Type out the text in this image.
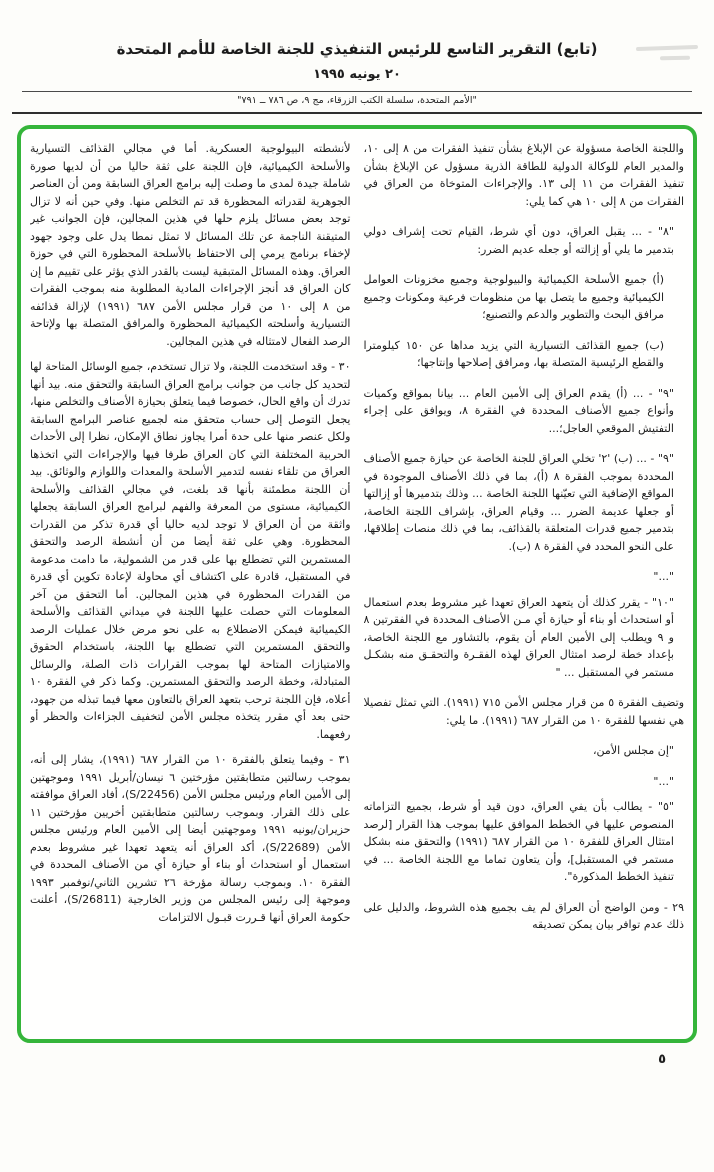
(تابع) التقرير التاسع للرئيس التنفيذي للجنة الخاصة للأمم المتحدة
٢٠ يونيه ١٩٩٥
"الأمم المتحدة، سلسلة الكتب الزرقاء، مج ٩، ص ٧٨٦ ــ ٧٩١"

واللجنة الخاصة مسؤولة عن الإبلاغ بشأن تنفيذ الفقرات من ٨ إلى ١٠، والمدير العام للوكالة الدولية للطاقة الذرية مسؤول عن الإبلاغ بشأن تنفيذ الفقرات من ١١ إلى ١٣. والإجراءات المتوخاة من العراق في الفقرات من ٨ إلى ١٠ هي كما يلي:

"٨" - ... يقبل العراق، دون أي شرط، القيام تحت إشراف دولي بتدمير ما يلي أو إزالته أو جعله عديم الضرر:

(أ) جميع الأسلحة الكيميائية والبيولوجية وجميع مخزونات العوامل الكيميائية وجميع ما يتصل بها من منظومات فرعية ومكونات وجميع مرافق البحث والتطوير والدعم والتصنيع؛

(ب) جميع القذائف التسيارية التي يزيد مداها عن ١٥٠ كيلومترا والقطع الرئيسية المتصلة بها، ومرافق إصلاحها وإنتاجها؛

"٩" - ... (أ) يقدم العراق إلى الأمين العام ... بيانا بمواقع وكميات وأنواع جميع الأصناف المحددة في الفقرة ٨، ويوافق على إجراء التفتيش الموقعي العاجل؛...

"٩" - ... (ب) '٢' تخلي العراق للجنة الخاصة عن حيازة جميع الأصناف المحددة بموجب الفقرة ٨ (أ)، بما في ذلك الأصناف الموجودة في المواقع الإضافية التي تعيّنها اللجنة الخاصة ... وذلك بتدميرها أو إزالتها أو جعلها عديمة الضرر ... وقيام العراق، بإشراف اللجنة الخاصة، بتدمير جميع قدرات المتعلقة بالقذائف، بما في ذلك منصات إطلاقها، على النحو المحدد في الفقرة ٨ (ب).

"..."

"١٠" - يقرر كذلك أن يتعهد العراق تعهدا غير مشروط بعدم استعمال أو استحداث أو بناء أو حيازة أي مـن الأصناف المحددة في الفقرتين ٨ و ٩ ويطلب إلى الأمين العام أن يقوم، بالتشاور مع اللجنة الخاصة، بإعداد خطة لرصد امتثال العراق لهذه الفقـرة والتحقـق منه بشكـل مستمر في المستقبل ... "

وتضيف الفقرة ٥ من قرار مجلس الأمن ٧١٥ (١٩٩١). التي تمثل تفصيلا هي نفسها للفقرة ١٠ من القرار ٦٨٧ (١٩٩١). ما يلي:

"إن مجلس الأمن،

"..."

"٥" - يطالب بأن يفي العراق، دون قيد أو شرط، بجميع التزاماته المنصوص عليها في الخطط الموافق عليها بموجب هذا القرار [لرصد امتثال العراق للفقرة ١٠ من القرار ٦٨٧ (١٩٩١) والتحقق منه بشكل مستمر في المستقبل]، وأن يتعاون تماما مع اللجنة الخاصة ... في تنفيذ الخطط المذكورة".

٢٩ - ومن الواضح أن العراق لم يف بجميع هذه الشروط، والدليل على ذلك عدم توافر بيان يمكن تصديقه

لأنشطته البيولوجية العسكرية. أما في مجالي القذائف التسيارية والأسلحة الكيميائية، فإن اللجنة على ثقة حاليا من أن لديها صورة شاملة جيدة لمدى ما وصلت إليه برامج العراق السابقة ومن أن العناصر الجوهرية لقدراته المحظورة قد تم التخلص منها. وفي حين أنه لا تزال توجد بعض مسائل يلزم حلها في هذين المجالين، فإن الجوانب غير المتيقنة الناجمة عن تلك المسائل لا تمثل نمطا يدل على وجود جهود لإخفاء برنامج يرمي إلى الاحتفاظ بالأسلحة المحظورة التي في حوزة العراق. وهذه المسائل المتبقية ليست بالقدر الذي يؤثر على تقييم ما إن كان العراق قد أنجز الإجراءات المادية المطلوبة منه بموجب الفقرات من ٨ إلى ١٠ من قرار مجلس الأمن ٦٨٧ (١٩٩١) لإزالة قذائفه التسيارية وأسلحته الكيميائية المحظورة والمرافق المتصلة بها ولإتاحة الرصد الفعال لامتثاله في هذين المجالين.

٣٠ - وقد استخدمت اللجنة، ولا تزال تستخدم، جميع الوسائل المتاحة لها لتحديد كل جانب من جوانب برامج العراق السابقة والتحقق منه. بيد أنها تدرك أن واقع الحال، خصوصا فيما يتعلق بحيازة الأصناف والتخلص منها، يجعل التوصل إلى حساب متحقق منه لجميع عناصر البرامج السابقة ولكل عنصر منها على حدة أمرا يجاوز نطاق الإمكان، نظرا إلى الأحداث الحربية المختلفة التي كان العراق طرفا فيها والإجراءات التي اتخذها العراق من تلقاء نفسه لتدمير الأسلحة والمعدات واللوازم والوثائق. بيد أن اللجنة مطمئنة بأنها قد بلغت، في مجالي القذائف والأسلحة الكيميائية، مستوى من المعرفة والفهم لبرامج العراق السابقة يجعلها واثقة من أن العراق لا توجد لديه حاليا أي قدرة تذكر من القدرات المحظورة. وهي على ثقة أيضا من أن أنشطة الرصد والتحقق المستمرين التي تضطلع بها على قدر من الشمولية، ما دامت مدعومة في المستقبل، قادرة على اكتشاف أي محاولة لإعادة تكوين أي قدرة من القدرات المحظورة في هذين المجالين. أما التحقق من آخر المعلومات التي حصلت عليها اللجنة في ميداني القذائف والأسلحة الكيميائية فيمكن الاضطلاع به على نحو مرض خلال عمليات الرصد والتحقق المستمرين التي تضطلع بها اللجنة، باستخدام الحقوق والامتيازات المتاحة لها بموجب القرارات ذات الصلة، والرسائل المتبادلة، وخطة الرصد والتحقق المستمرين. وكما ذكر في الفقرة ١٠ أعلاه، فإن اللجنة ترحب بتعهد العراق بالتعاون معها فيما تبذله من جهود، حتى بعد أي مقرر يتخذه مجلس الأمن لتخفيف الجزاءات والحظر أو رفعهما.

٣١ - وفيما يتعلق بالفقرة ١٠ من القرار ٦٨٧ (١٩٩١)، يشار إلى أنه، بموجب رسالتين متطابقتين مؤرختين ٦ نيسان/أبريل ١٩٩١ وموجهتين إلى الأمين العام ورئيس مجلس الأمن (S/22456)، أفاد العراق موافقته على ذلك القرار. وبموجب رسالتين متطابقتين أخريين مؤرختين ١١ حزيران/يونيه ١٩٩١ وموجهتين أيضا إلى الأمين العام ورئيس مجلس الأمن (S/22689)، أكد العراق أنه يتعهد تعهدا غير مشروط بعدم استعمال أو استحداث أو بناء أو حيازة أي من الأصناف المحددة في الفقرة ١٠. وبموجب رسالة مؤرخة ٢٦ تشرين الثاني/نوفمبر ١٩٩٣ وموجهة إلى رئيس المجلس من وزير الخارجية (S/26811)، أعلنت حكومة العراق أنها قـررت قبـول الالتزامات

٥
